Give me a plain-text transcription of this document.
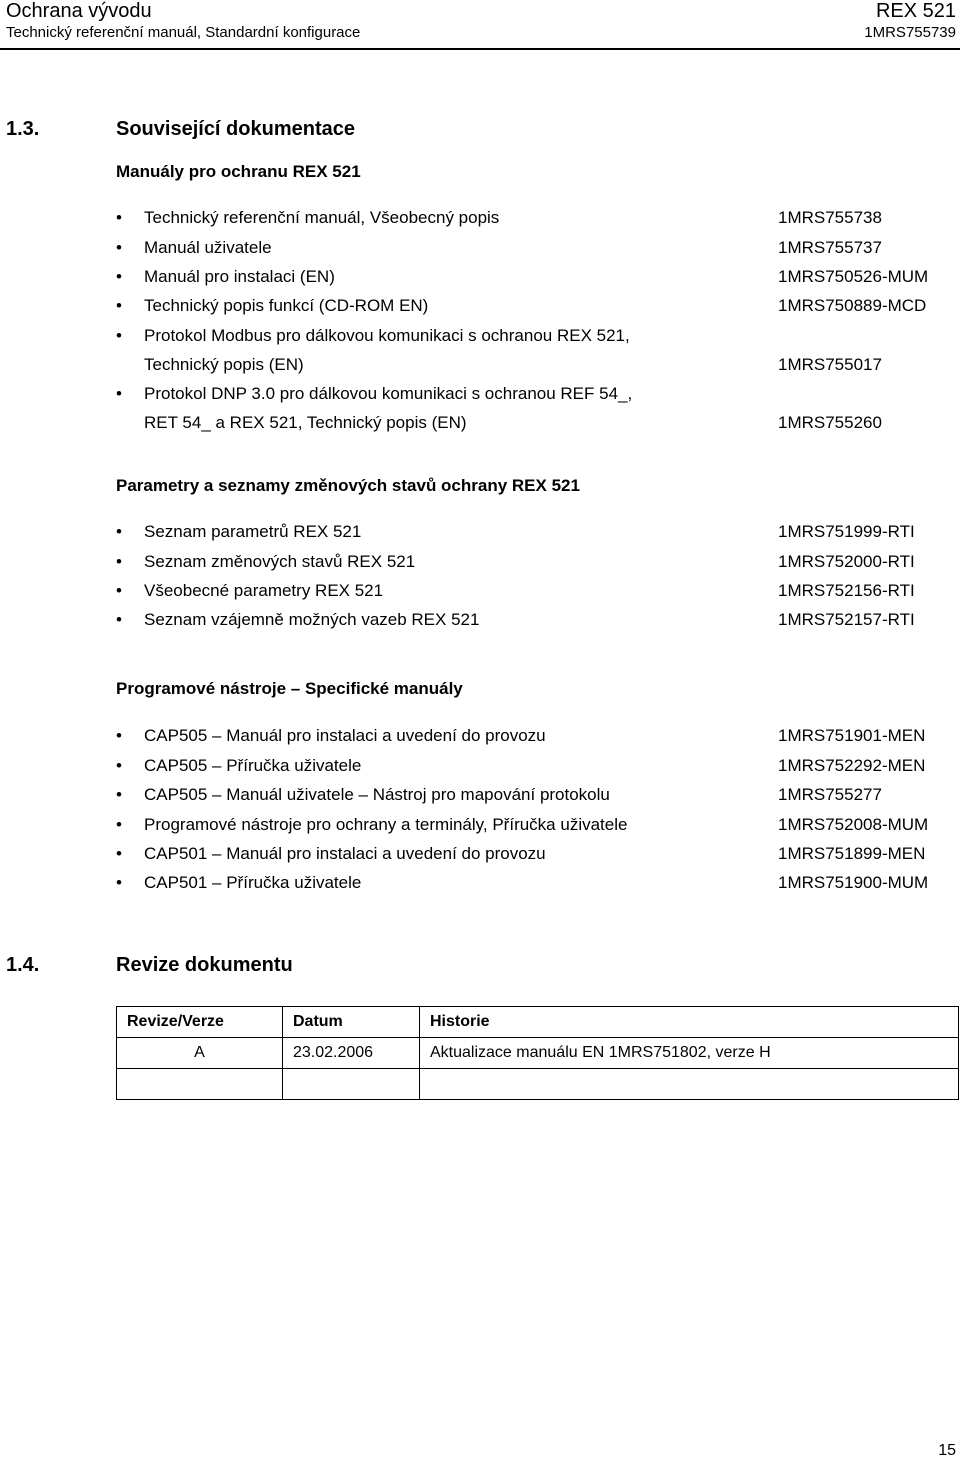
Ochrana vývodu
Technický referenční manuál, Standardní konfigurace
REX 521
1MRS755739
1.3.	Související dokumentace
Manuály pro ochranu REX 521
• Technický referenční manuál, Všeobecný popis	1MRS755738
• Manuál uživatele	1MRS755737
• Manuál pro instalaci (EN)	1MRS750526-MUM
• Technický popis funkcí (CD-ROM EN)	1MRS750889-MCD
• Protokol Modbus pro dálkovou komunikaci s ochranou REX 521,
Technický popis (EN)	1MRS755017
• Protokol DNP 3.0 pro dálkovou komunikaci s ochranou REF 54_,
RET 54_ a REX 521, Technický popis (EN)	1MRS755260
Parametry a seznamy změnových stavů ochrany REX 521
• Seznam parametrů REX 521	1MRS751999-RTI
• Seznam změnových stavů REX 521	1MRS752000-RTI
• Všeobecné parametry REX 521	1MRS752156-RTI
• Seznam vzájemně možných vazeb REX 521	1MRS752157-RTI
Programové nástroje – Specifické manuály
• CAP505 – Manuál pro instalaci a uvedení do provozu	1MRS751901-MEN
• CAP505 – Příručka uživatele	1MRS752292-MEN
• CAP505 – Manuál uživatele – Nástroj pro mapování protokolu	1MRS755277
• Programové nástroje pro ochrany a terminály, Příručka uživatele	1MRS752008-MUM
• CAP501 – Manuál pro instalaci a uvedení do provozu	1MRS751899-MEN
• CAP501 – Příručka uživatele	1MRS751900-MUM
1.4.	Revize dokumentu
Revize/Verze	Datum	Historie
A	23.02.2006	Aktualizace manuálu EN 1MRS751802, verze H

15
